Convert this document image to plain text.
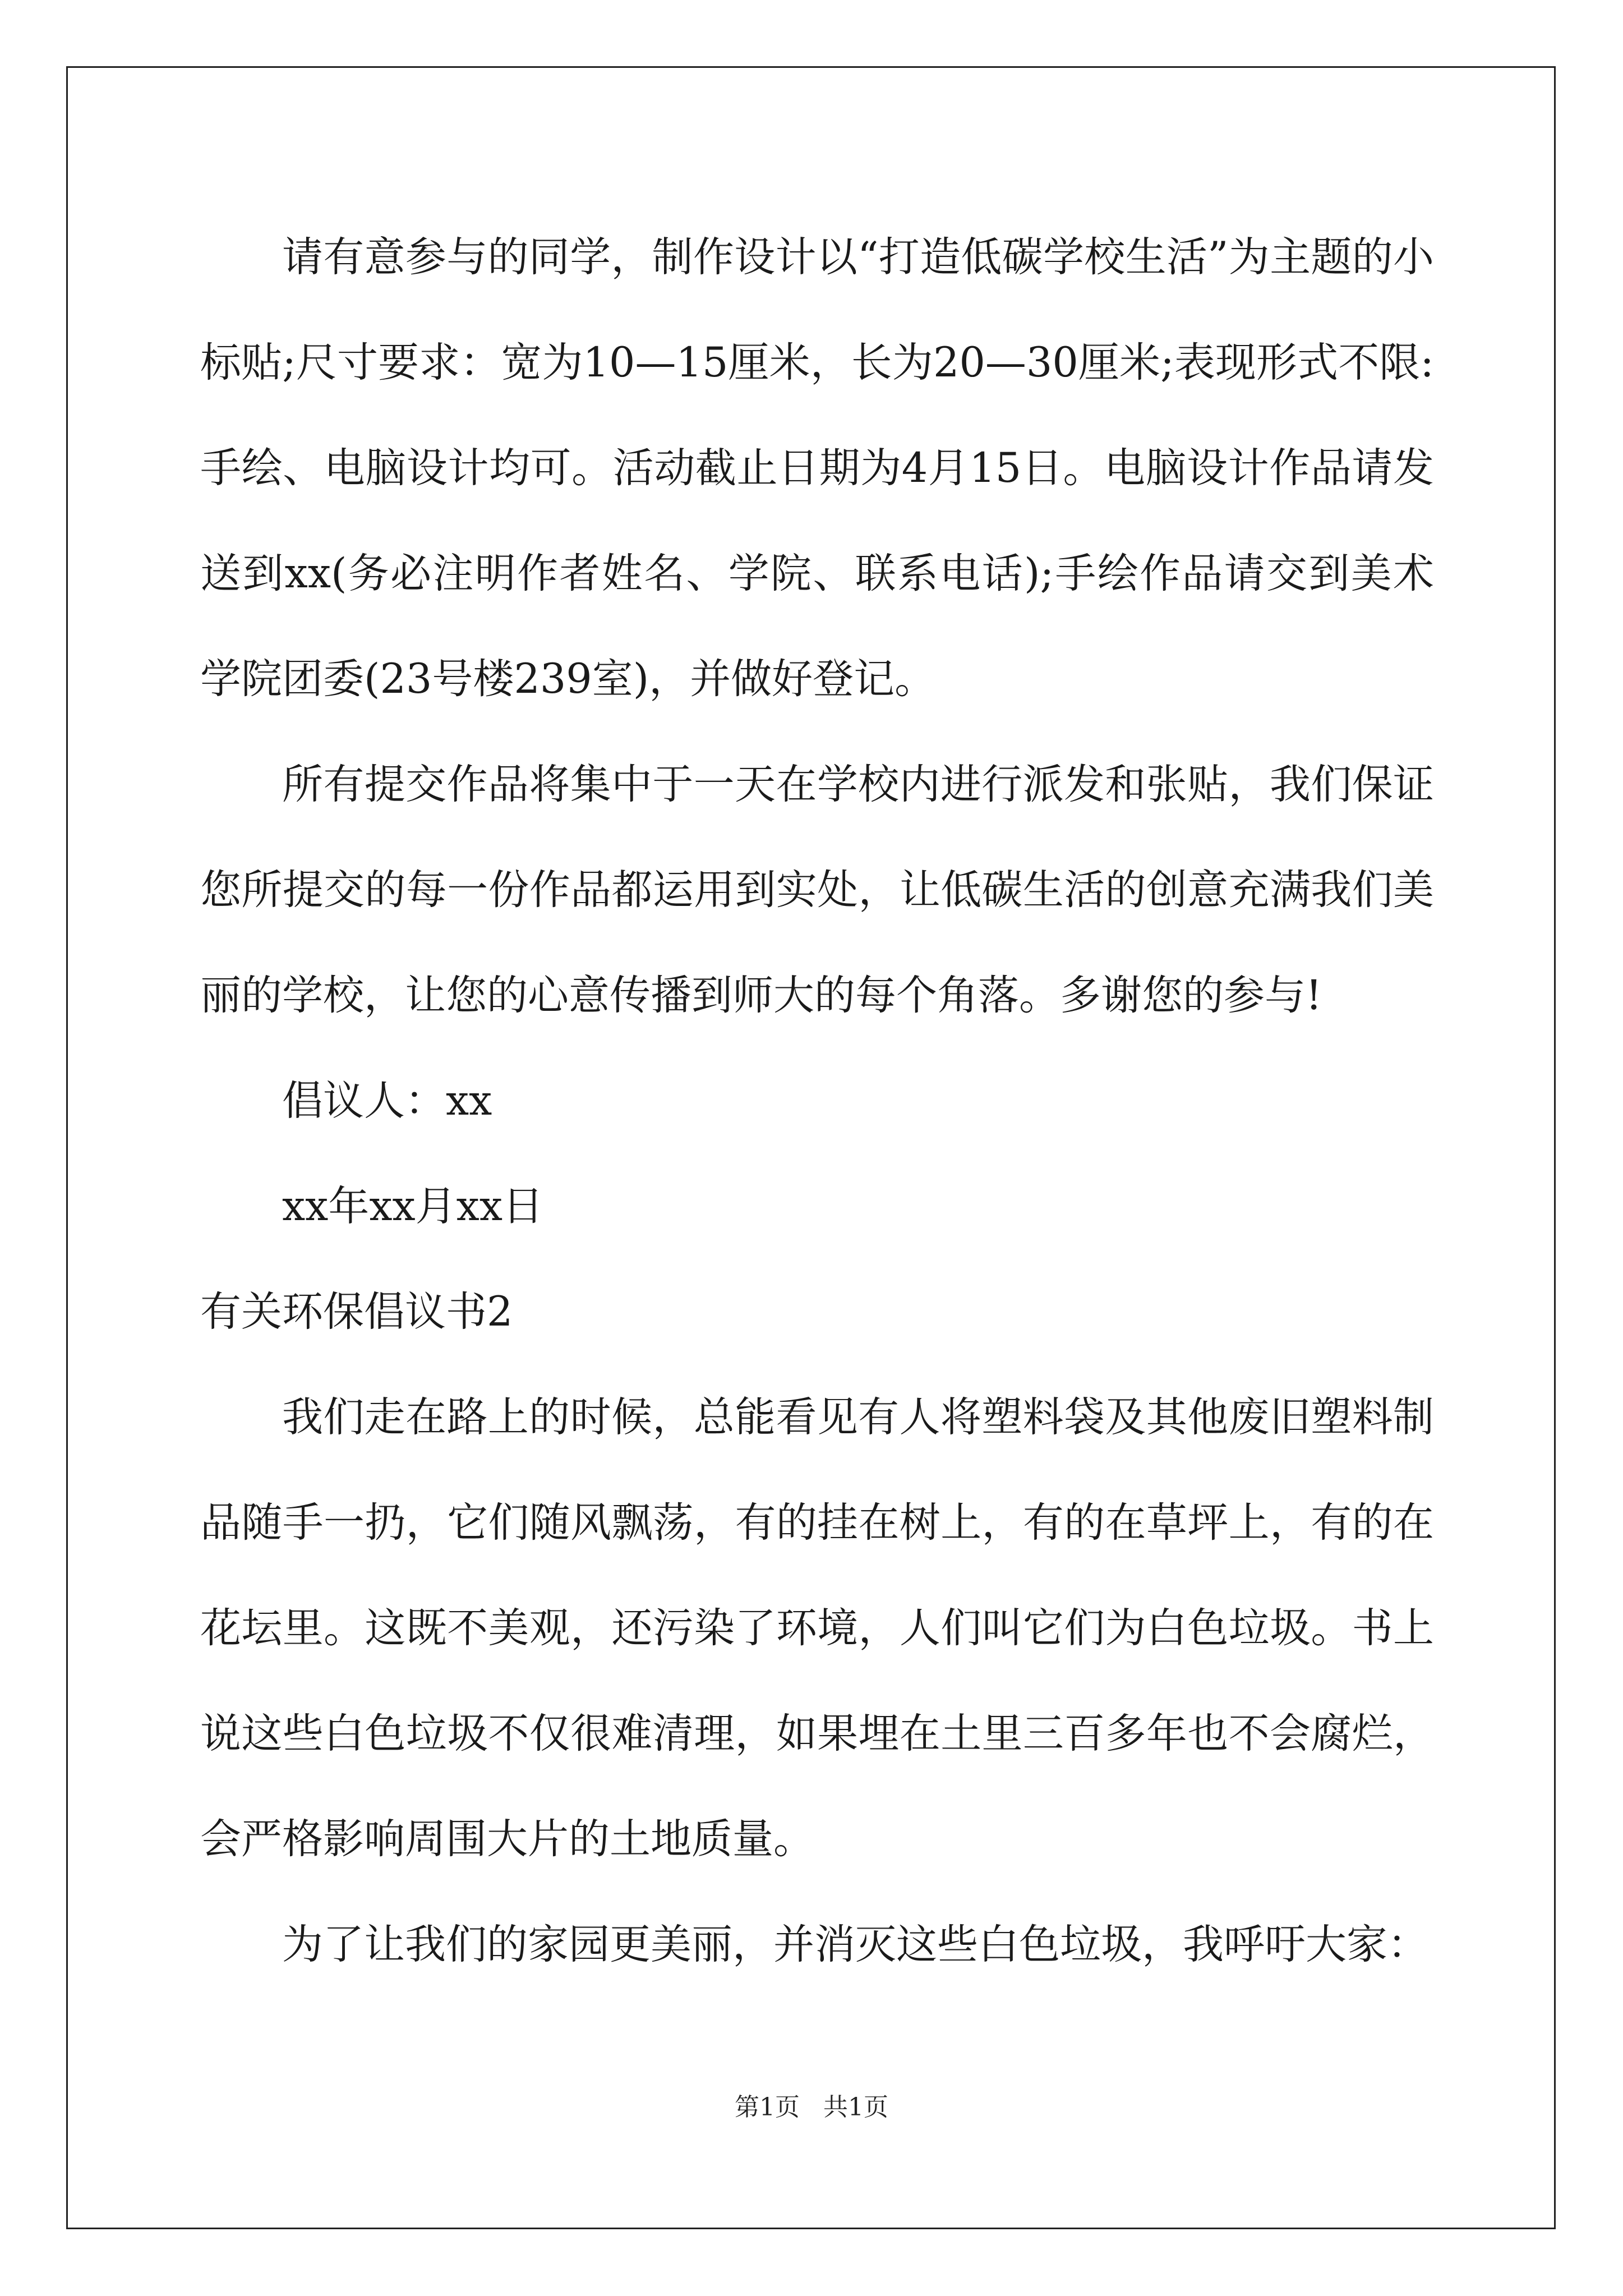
请有意参与的同学，制作设计以“打造低碳学校生活”为主题的小标贴;尺寸要求：宽为10—15厘米，长为20—30厘米;表现形式不限:手绘、电脑设计均可。活动截止日期为4月15日。电脑设计作品请发送到xx(务必注明作者姓名、学院、联系电话);手绘作品请交到美术学院团委(23号楼239室)，并做好登记。

所有提交作品将集中于一天在学校内进行派发和张贴，我们保证您所提交的每一份作品都运用到实处，让低碳生活的创意充满我们美丽的学校，让您的心意传播到师大的每个角落。多谢您的参与!

倡议人：xx

xx年xx月xx日

有关环保倡议书2

我们走在路上的时候，总能看见有人将塑料袋及其他废旧塑料制品随手一扔，它们随风飘荡，有的挂在树上，有的在草坪上，有的在花坛里。这既不美观，还污染了环境，人们叫它们为白色垃圾。书上说这些白色垃圾不仅很难清理，如果埋在土里三百多年也不会腐烂，会严格影响周围大片的土地质量。

为了让我们的家园更美丽，并消灭这些白色垃圾，我呼吁大家：

第1页   共1页
